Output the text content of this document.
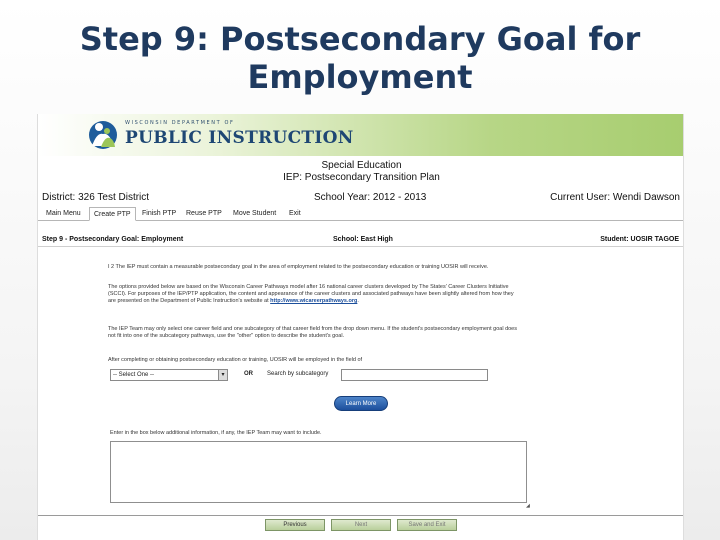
Step 9: Postsecondary Goal for
Employment
WISCONSIN DEPARTMENT OF
PUBLIC INSTRUCTION
Special Education
IEP: Postsecondary Transition Plan
District: 326 Test District	School Year: 2012 - 2013	Current User: Wendi Dawson
Main Menu	Create PTP	Finish PTP	Reuse PTP	Move Student	Exit
Step 9 - Postsecondary Goal: Employment	School: East High	Student: UOSIR TAGOE
I 2 The IEP must contain a measurable postsecondary goal in the area of employment related to the postsecondary education or training UOSIR will receive.
The options provided below are based on the Wisconsin Career Pathways model after 16 national career clusters developed by The States' Career Clusters Initiative (SCCI). For purposes of the IEP/PTP application, the content and appearance of the career clusters and associated pathways have been slightly altered from how they are presented on the Department of Public Instruction's website at http://www.wicareerpathways.org.
The IEP Team may only select one career field and one subcategory of that career field from the drop down menu. If the student's postsecondary employment goal does not fit into one of the subcategory pathways, use the "other" option to describe the student's goal.
After completing or obtaining postsecondary education or training, UOSIR will be employed in the field of
-- Select One --	▾	OR Search by subcategory
Learn More
Enter in the box below additional information, if any, the IEP Team may want to include.
◢
Previous	Next	Save and Exit
